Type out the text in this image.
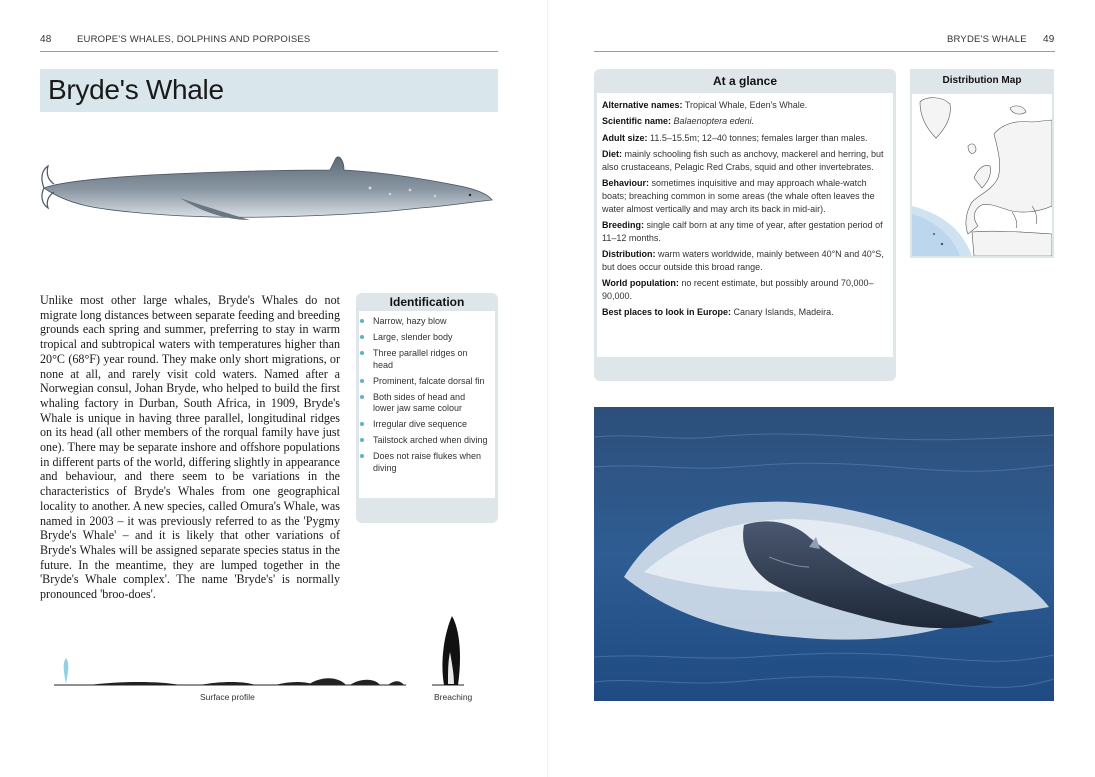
48	EUROPE'S WHALES, DOLPHINS AND PORPOISES	BRYDE'S WHALE 49
Bryde's Whale
Unlike most other large whales, Bryde's Whales do not migrate long distances between separate feeding and breeding grounds each spring and summer, preferring to stay in warm tropical and subtropical waters with temperatures higher than 20°C (68°F) year round. They make only short migrations, or none at all, and rarely visit cold waters. Named after a Norwegian consul, Johan Bryde, who helped to build the first whaling factory in Durban, South Africa, in 1909, Bryde's Whale is unique in having three parallel, longitudinal ridges on its head (all other members of the rorqual family have just one). There may be separate inshore and offshore populations in different parts of the world, differing slightly in appearance and behaviour, and there seem to be variations in the characteristics of Bryde's Whales from one geographical locality to another. A new species, called Omura's Whale, was named in 2003 – it was previously referred to as the 'Pygmy Bryde's Whale' – and it is likely that other variations of Bryde's Whales will be assigned separate species status in the future. In the meantime, they are lumped together in the 'Bryde's Whale complex'. The name 'Bryde's' is normally pronounced 'broo-does'.
Identification
Narrow, hazy blow
Large, slender body
Three parallel ridges on head
Prominent, falcate dorsal fin
Both sides of head and lower jaw same colour
Irregular dive sequence
Tailstock arched when diving
Does not raise flukes when diving
Surface profile	Breaching
At a glance

Alternative names: Tropical Whale, Eden's Whale.

Scientific name: Balaenoptera edeni.

Adult size: 11.5–15.5m; 12–40 tonnes; females larger than males.

Diet: mainly schooling fish such as anchovy, mackerel and herring, but also crustaceans, Pelagic Red Crabs, squid and other invertebrates.

Behaviour: sometimes inquisitive and may approach whale-watch boats; breaching common in some areas (the whale often leaves the water almost vertically and may arch its back in mid-air).

Breeding: single calf born at any time of year, after gestation period of 11–12 months.

Distribution: warm waters worldwide, mainly between 40°N and 40°S, but does occur outside this broad range.

World population: no recent estimate, but possibly around 70,000–90,000.

Best places to look in Europe: Canary Islands, Madeira.

Distribution Map
